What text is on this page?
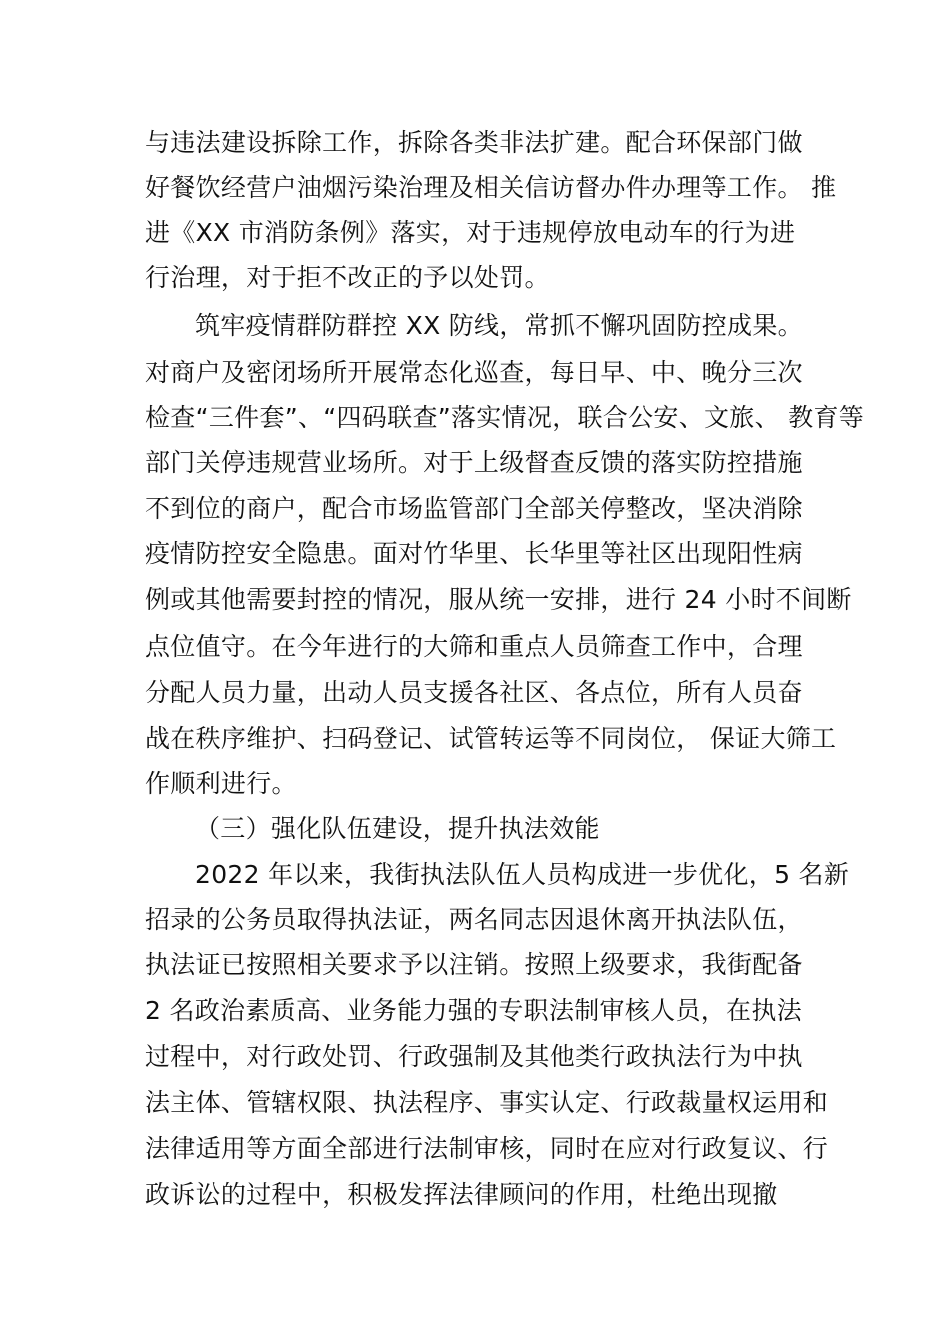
与违法建设拆除工作，拆除各类非法扩建。配合环保部门做
好餐饮经营户油烟污染治理及相关信访督办件办理等工作。 推
进《XX 市消防条例》落实，对于违规停放电动车的行为进
行治理，对于拒不改正的予以处罚。
筑牢疫情群防群控 XX 防线，常抓不懈巩固防控成果。
对商户及密闭场所开展常态化巡查，每日早、中、晚分三次
检查“三件套”、“四码联查”落实情况，联合公安、文旅、 教育等
部门关停违规营业场所。对于上级督查反馈的落实防控措施
不到位的商户，配合市场监管部门全部关停整改，坚决消除
疫情防控安全隐患。面对竹华里、长华里等社区出现阳性病
例或其他需要封控的情况，服从统一安排，进行 24 小时不间断
点位值守。在今年进行的大筛和重点人员筛查工作中，合理
分配人员力量，出动人员支援各社区、各点位，所有人员奋
战在秩序维护、扫码登记、试管转运等不同岗位， 保证大筛工
作顺利进行。
（三）强化队伍建设，提升执法效能
2022 年以来，我街执法队伍人员构成进一步优化，5 名新
招录的公务员取得执法证，两名同志因退休离开执法队伍，
执法证已按照相关要求予以注销。按照上级要求，我街配备
2 名政治素质高、业务能力强的专职法制审核人员，在执法
过程中，对行政处罚、行政强制及其他类行政执法行为中执
法主体、管辖权限、执法程序、事实认定、行政裁量权运用和
法律适用等方面全部进行法制审核，同时在应对行政复议、行
政诉讼的过程中，积极发挥法律顾问的作用，杜绝出现撤
